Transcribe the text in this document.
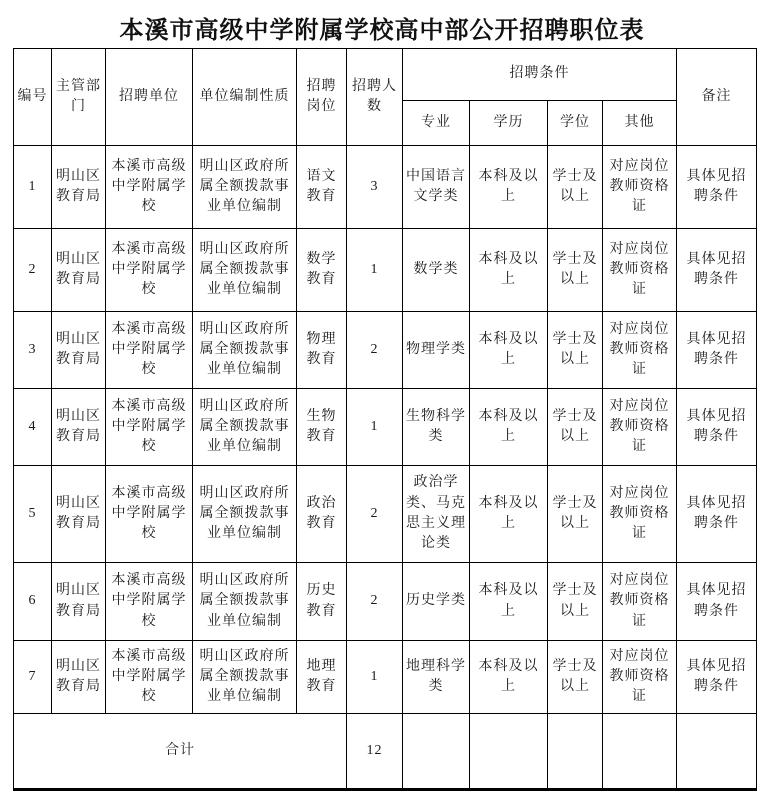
本溪市高级中学附属学校高中部公开招聘职位表
编号	主管部门	招聘单位	单位编制性质	招聘岗位	招聘人数	招聘条件				备注
						专业	学历	学位	其他	
1	明山区教育局	本溪市高级中学附属学校	明山区政府所属全额拨款事业单位编制	语文教育	3	中国语言文学类	本科及以上	学士及以上	对应岗位教师资格证	具体见招聘条件
2	明山区教育局	本溪市高级中学附属学校	明山区政府所属全额拨款事业单位编制	数学教育	1	数学类	本科及以上	学士及以上	对应岗位教师资格证	具体见招聘条件
3	明山区教育局	本溪市高级中学附属学校	明山区政府所属全额拨款事业单位编制	物理教育	2	物理学类	本科及以上	学士及以上	对应岗位教师资格证	具体见招聘条件
4	明山区教育局	本溪市高级中学附属学校	明山区政府所属全额拨款事业单位编制	生物教育	1	生物科学类	本科及以上	学士及以上	对应岗位教师资格证	具体见招聘条件
5	明山区教育局	本溪市高级中学附属学校	明山区政府所属全额拨款事业单位编制	政治教育	2	政治学类、马克思主义理论类	本科及以上	学士及以上	对应岗位教师资格证	具体见招聘条件
6	明山区教育局	本溪市高级中学附属学校	明山区政府所属全额拨款事业单位编制	历史教育	2	历史学类	本科及以上	学士及以上	对应岗位教师资格证	具体见招聘条件
7	明山区教育局	本溪市高级中学附属学校	明山区政府所属全额拨款事业单位编制	地理教育	1	地理科学类	本科及以上	学士及以上	对应岗位教师资格证	具体见招聘条件
合计					12					
